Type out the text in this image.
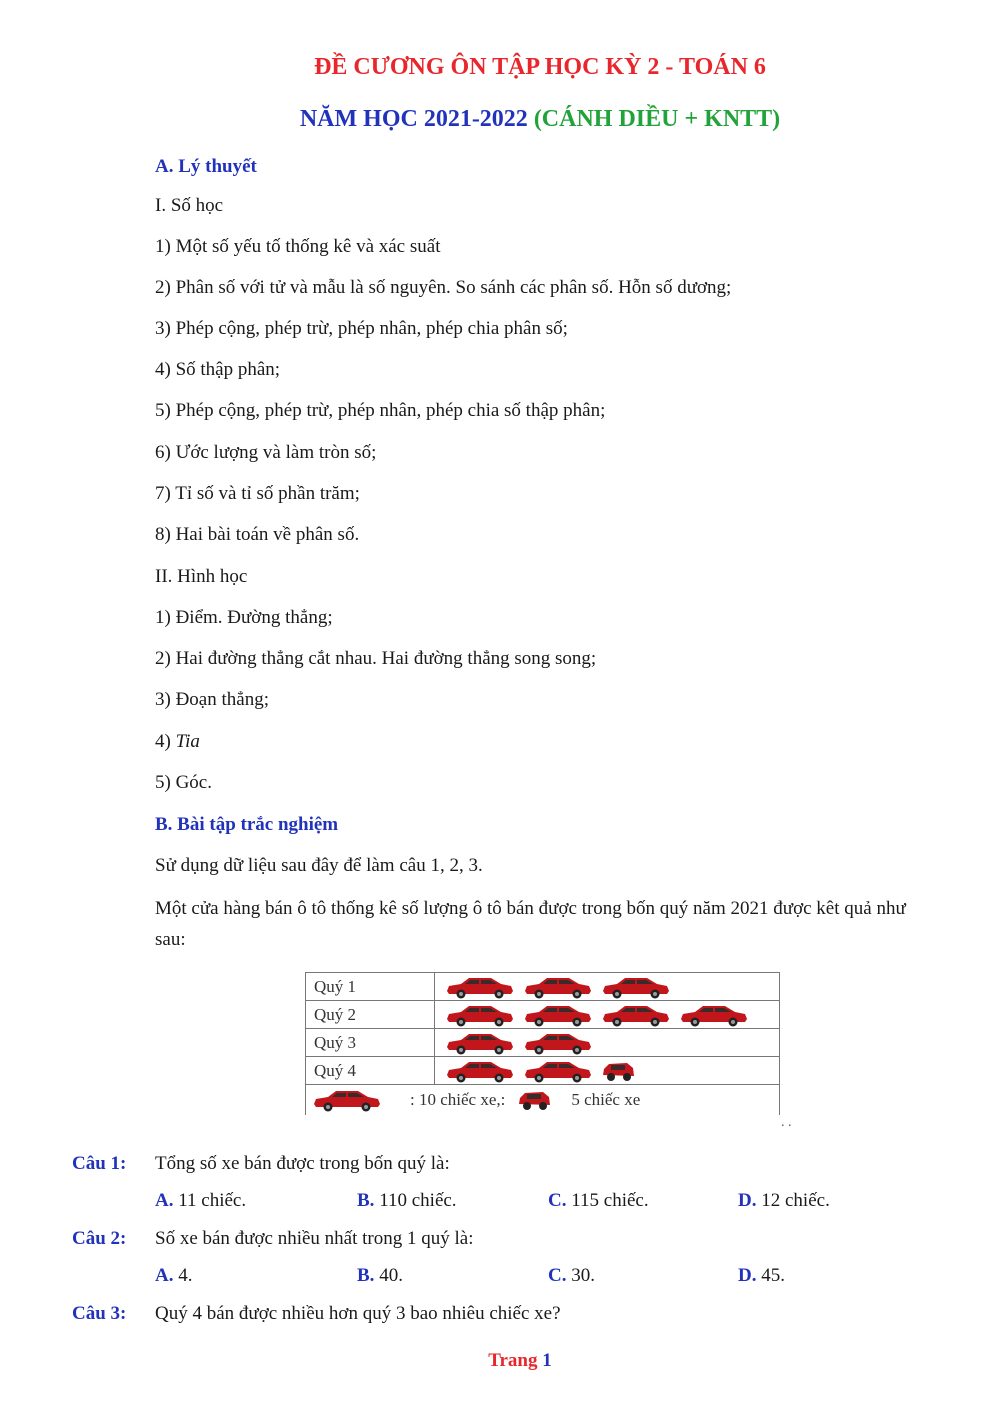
ĐỀ CƯƠNG ÔN TẬP HỌC KỲ 2 - TOÁN 6
NĂM HỌC 2021-2022 (CÁNH DIỀU + KNTT)
A. Lý thuyết
I. Số học
1) Một số yếu tố thống kê và xác suất
2) Phân số với tử và mẫu là số nguyên. So sánh các phân số. Hỗn số dương;
3) Phép cộng, phép trừ, phép nhân, phép chia phân số;
4) Số thập phân;
5) Phép cộng, phép trừ, phép nhân, phép chia số thập phân;
6) Ước lượng và làm tròn số;
7) Tỉ số và tỉ số phần trăm;
8) Hai bài toán về phân số.
II. Hình học
1) Điểm. Đường thẳng;
2) Hai đường thẳng cắt nhau. Hai đường thẳng song song;
3) Đoạn thẳng;
4) Tia
5) Góc.
B. Bài tập trắc nghiệm
Sử dụng dữ liệu sau đây để làm câu 1, 2, 3.
Một cửa hàng bán ô tô thống kê số lượng ô tô bán được trong bốn quý năm 2021 được kêt quả như sau:
Quý 1	
Quý 2	
Quý 3	
Quý 4	

: 10 chiếc xe,: 5 chiếc xe	
. .
Câu 1: Tổng số xe bán được trong bốn quý là:
A. 11 chiếc.	B. 110 chiếc.	C. 115 chiếc.	D. 12 chiếc.
Câu 2: Số xe bán được nhiều nhất trong 1 quý là:
A. 4.	B. 40.	C. 30.	D. 45.
Câu 3: Quý 4 bán được nhiều hơn quý 3 bao nhiêu chiếc xe?
Trang 1
